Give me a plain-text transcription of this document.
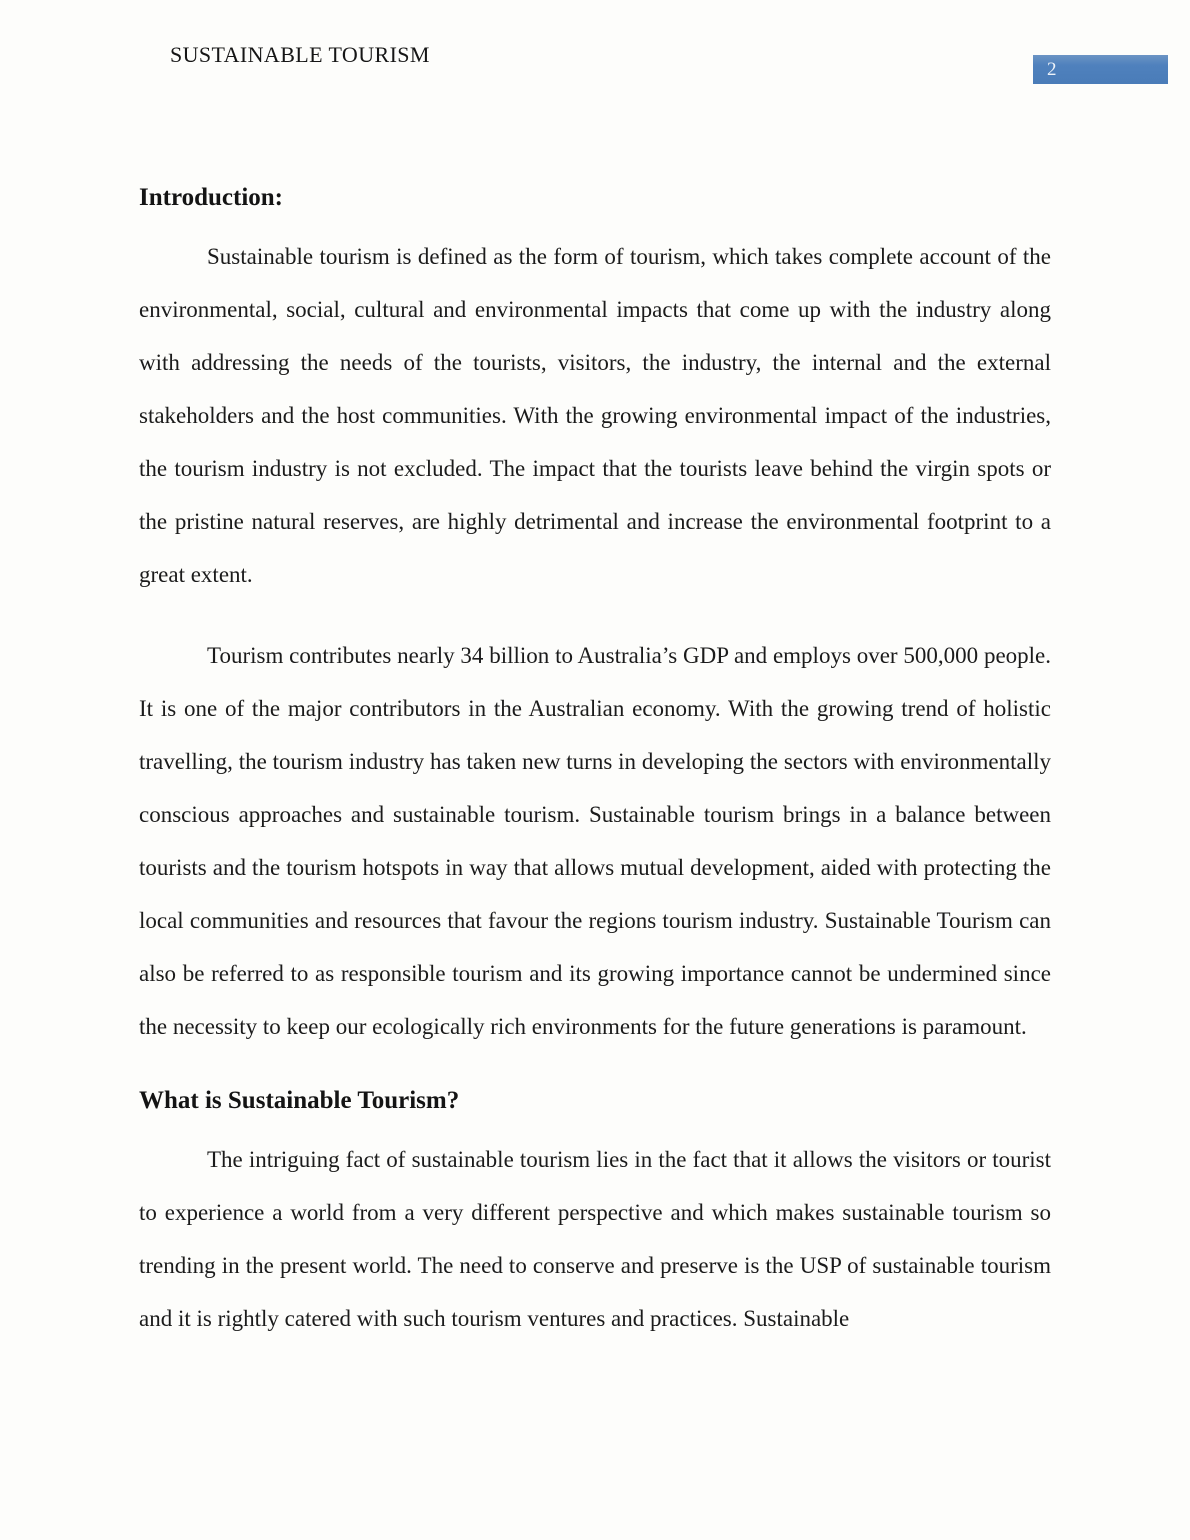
SUSTAINABLE TOURISM
2
Introduction:

Sustainable tourism is defined as the form of tourism, which takes complete account of the environmental, social, cultural and environmental impacts that come up with the industry along with addressing the needs of the tourists, visitors, the industry, the internal and the external stakeholders and the host communities. With the growing environmental impact of the industries, the tourism industry is not excluded. The impact that the tourists leave behind the virgin spots or the pristine natural reserves, are highly detrimental and increase the environmental footprint to a great extent.

Tourism contributes nearly 34 billion to Australia’s GDP and employs over 500,000 people. It is one of the major contributors in the Australian economy. With the growing trend of holistic travelling, the tourism industry has taken new turns in developing the sectors with environmentally conscious approaches and sustainable tourism. Sustainable tourism brings in a balance between tourists and the tourism hotspots in way that allows mutual development, aided with protecting the local communities and resources that favour the regions tourism industry. Sustainable Tourism can also be referred to as responsible tourism and its growing importance cannot be undermined since the necessity to keep our ecologically rich environments for the future generations is paramount.

What is Sustainable Tourism?

The intriguing fact of sustainable tourism lies in the fact that it allows the visitors or tourist to experience a world from a very different perspective and which makes sustainable tourism so trending in the present world. The need to conserve and preserve is the USP of sustainable tourism and it is rightly catered with such tourism ventures and practices. Sustainable
